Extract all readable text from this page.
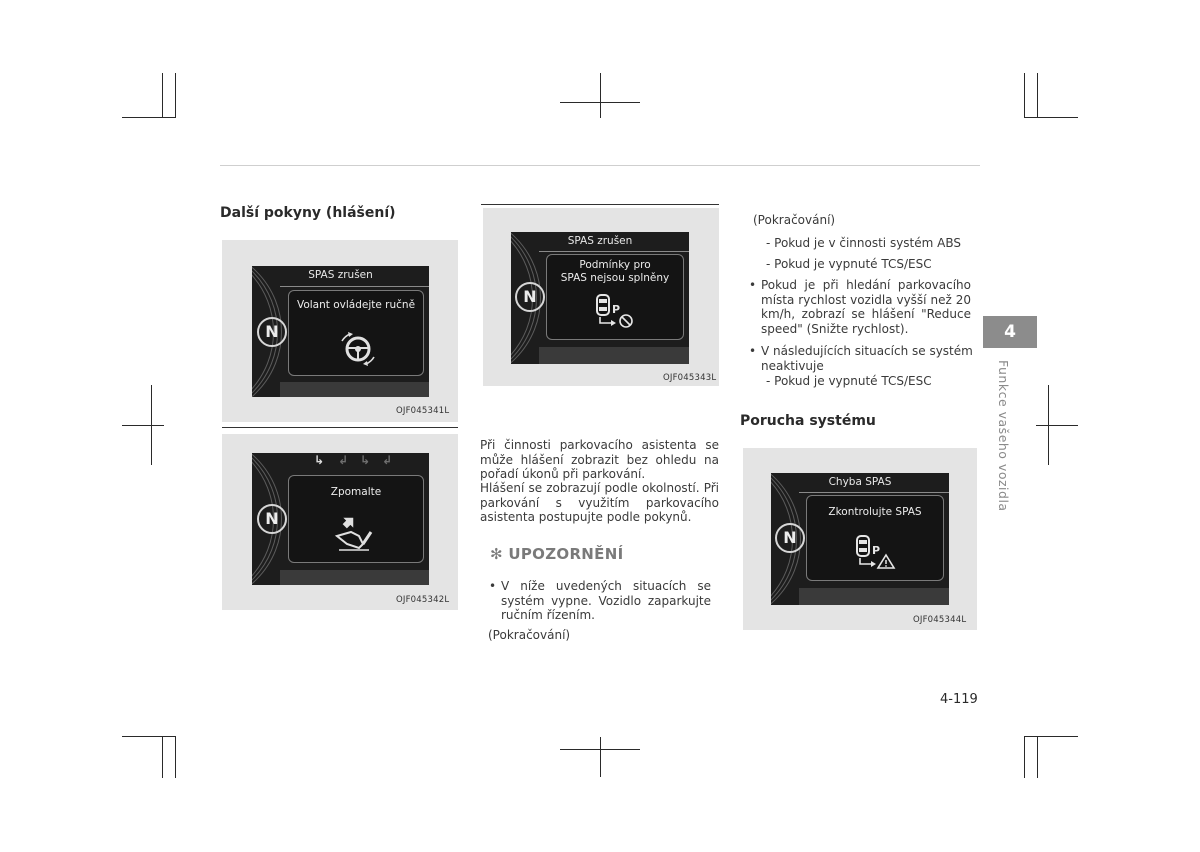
Další pokyny (hlášení)
N
SPAS zrušen
Volant ovládejte ručně
OJF045341L
N
↳ ↲ ↳ ↲
Zpomalte
OJF045342L
N
SPAS zrušen
Podmínky pro
SPAS nejsou splněny
P
OJF045343L

Při činnosti parkovacího asistenta se může hlášení zobrazit bez ohledu na pořadí úkonů při parkování.

Hlášení se zobrazují podle okolností. Při parkování s využitím parkovacího asistenta postupujte podle pokynů.

✻ UPOZORNĚNÍ
• V níže uvedených situacích se systém vypne. Vozidlo zaparkujte ručním řízením.

(Pokračování)

(Pokračování)

- Pokud je v činnosti systém ABS

- Pokud je vypnuté TCS/ESC

• Pokud je při hledání parkovacího místa rychlost vozidla vyšší než 20 km/h, zobrazí se hlášení "Reduce speed" (Snižte rychlost).

• V následujících situacích se systém neaktivuje

- Pokud je vypnuté TCS/ESC

Porucha systému
N
Chyba SPAS
Zkontrolujte SPAS
P
OJF045344L
4
Funkce vašeho vozidla
4-119
